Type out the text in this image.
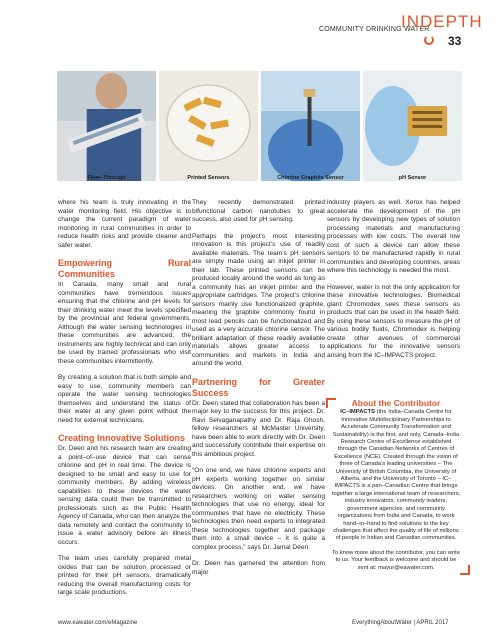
COMMUNITY DRINKING WATER
INDEPTH
33
Flow–Through	Printed Sensors	Chlorine Graphite Sensor	pH Sensor

where his team is truly innovating in the water monitoring field. His objective is to change the current paradigm of water monitoring in rural communities in order to reduce health risks and provide cleaner and safer water.

Empowering Rural Communities

In Canada, many small and rural communities have tremendous issues ensuring that the chlorine and pH levels for their drinking water meet the levels specified by the provincial and federal governments. Although the water sensing technologies in these communities are advanced, the instruments are highly technical and can only be used by trained professionals who visit these communities intermittently.

By creating a solution that is both simple and easy to use, community members can operate the water sensing technologies themselves and understand the status of their water at any given point without the need for external technicians.

Creating Innovative Solutions

Dr. Deen and his research team are creating a point–of–use device that can sense chlorine and pH in real time. The device is designed to be small and easy to use for community members. By adding wireless capabilities to these devices the water sensing data could then be transmitted to professionals such as the Public Health Agency of Canada, who can then analyze the data remotely and contact the community to issue a water advisory before an illness occurs.

The team uses carefully prepared metal oxides that can be solution processed or printed for their pH sensors, dramatically reducing the overall manufacturing costs for large scale productions.

They recently demonstrated printed bifunctional carbon nanotubes to great success, also used for pH sensing.

Perhaps the project’s most interesting innovation is this project’s use of readily available materials. The team’s pH sensors are simply made using an inkjet printer in their lab. These printed sensors can be produced locally around the world as long as a community has an inkjet printer and the appropriate cartridges. The project’s chlorine sensors mainly use functionalized graphite, meaning the graphite commonly found in most lead pencils can be functionalized and used as a very accurate chlorine sensor. The brilliant adaptation of these readily available materials allows greater access to communities and markets in India and around the world.

Partnering for Greater Success

Dr. Deen stated that collaboration has been a major key to the success for this project. Dr. Ravi Selvaganapathy and Dr. Raja Ghosh, fellow researchers at McMaster University, have been able to work directly with Dr. Deen and successfully contribute their expertise on this ambitious project.

“On one end, we have chlorine experts and pH experts working together on similar devices. On another end, we have researchers working on water sensing technologies that use no energy, ideal for communities that have no electricity. These technologies then need experts to integrated these technologies together and package them into a small device – it is quite a complex process,” says Dr. Jamal Deen.

Dr. Deen has garnered the attention from major

industry players as well. Xerox has helped accelerate the development of the pH sensors by developing new types of solution processing materials and manufacturing processes with low costs. The overall low cost of such a device can allow these sensors to be manufactured rapidly in rural communities and developing countries, areas where this technology is needed the most.

However, water is not the only application for these innovative technologies. Biomedical giant Chromodex sees these sensors as products that can be used in the health field. By using these sensors to measure the pH of various bodily fluids, Chromodex is helping create other avenues of commercial applications for the innovative sensors arising from the IC–IMPACTS project.

About the Contributor

IC–IMPACTS (the India–Canada Centre for Innovative Multidisciplinary Partnerships to Accelerate Community Transformation and Sustainability) is the first, and only, Canada–India Research Centre of Excellence established through the Canadian Networks of Centres of Excellence (NCE). Created through the vision of three of Canada’s leading universities – The University of British Columbia, the University of Alberta, and the University of Toronto – IC–IMPACTS is a pan–Canadian Centre that brings together a large international team of researchers, industry innovators, community leaders, government agencies, and community organizations from India and Canada, to work hand–in–hand to find solutions to the key challenges that affect the quality of life of millions of people in Indian and Canadian communities.

To know more about the contributor, you can write to us. Your feedback is welcome and should be sent at: mayur@eawater.com.

www.eawater.com/eMagazine	EverythingAboutWater | APRIL 2017
